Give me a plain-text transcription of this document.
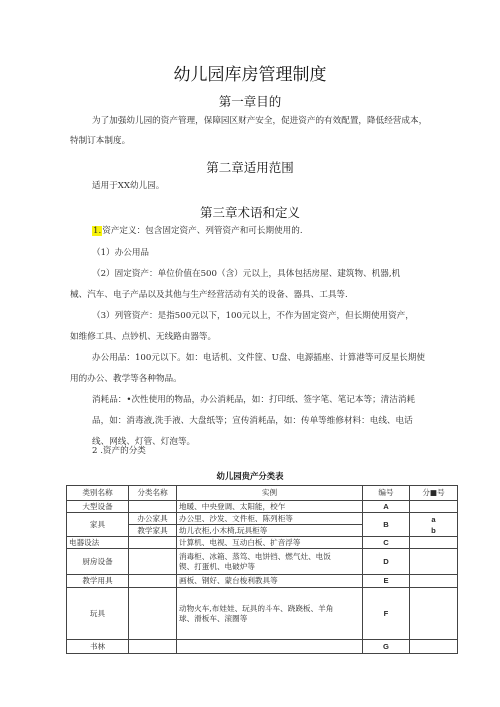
幼儿园库房管理制度
第一章目的
为了加强幼儿园的资产管理，保障园区财产安全，促进资产的有效配置，降低经营成本，
特制订本制度。
第二章适用范围
适用于XX幼儿园。
第三章术语和定义
1.资产定义：包含固定资产、列管资产和可长期使用的.
（1）办公用品
（2）固定资产：单位价值在500（含）元以上，具体包括房屋、建筑物、机器,机
械、汽车、电子产品以及其他与生产经营活动有关的设备、器具、工具等.
（3）列管资产：是指500元以下，100元以上，不作为固定资产，但长期使用资产，
如维修工具、点钞机、无线路由器等。
办公用品：100元以下。如：电话机、文件筐、U盘、电源插座、计算港等可反星长期使
用的办公、教学等各种物品。
消耗品：•次性使用的物品，办公消耗品，如：打印纸、签字笔、笔记本等；清洁消耗
品，如：消毒液,洗手液、大盘纸等；宣传消耗品，如：传单等维修材料：电线、电话
线、网线、灯管、灯泡等。
2 .资产的分类
幼儿园贵产分类表
类别名称	分类名称	实例	编号	分■号
大型设备		地暖、中央登调、太阳能，校乍	A	
家具	办公家具	办公里、沙发、文件柜、陈列柜等	B	a
b

	教学家具	幼儿衣柜,小木椅,玩具柜等		
电器设法		计算机、电视、互动白板、扩音浮等	C	
厨房设备		消毒柜、冰箱、蒸笃、电饼铛、燃气灶、电饭
锲、打蛋机、电破炉等	D	
教学用具		画板、钢好、蒙台梭利教具等	E	
玩具		动物火车,布娃娃、玩具的斗车、跷跷板、羊角
球、滑板车、滚圈等	F	
书林			G	
